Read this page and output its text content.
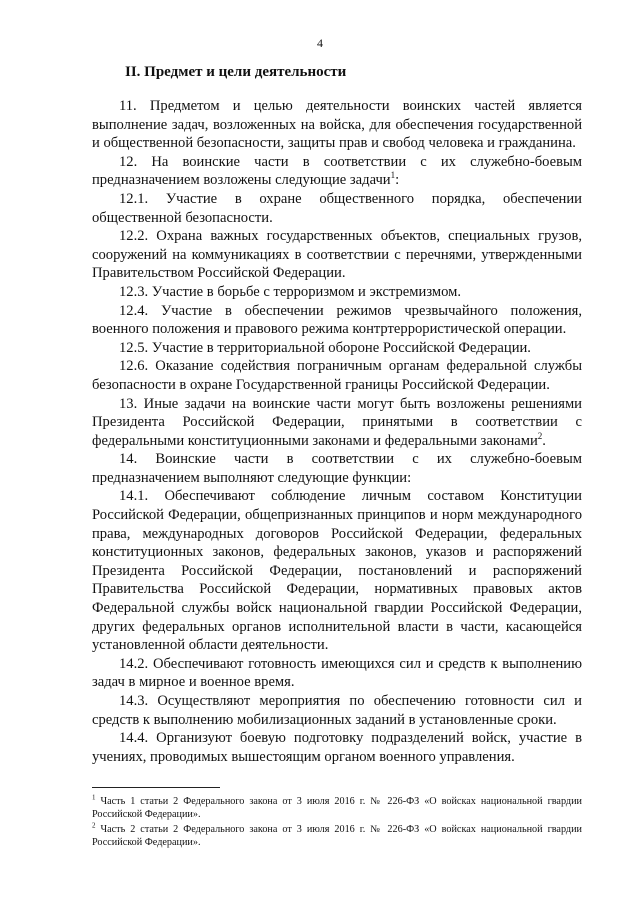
4
II. Предмет и цели деятельности

11. Предметом и целью деятельности воинских частей является выполнение задач, возложенных на войска, для обеспечения государственной и общественной безопасности, защиты прав и свобод человека и гражданина.

12. На воинские части в соответствии с их служебно-боевым предназначением возложены следующие задачи$^1$:

12.1. Участие в охране общественного порядка, обеспечении общественной безопасности.

12.2. Охрана важных государственных объектов, специальных грузов, сооружений на коммуникациях в соответствии с перечнями, утвержденными Правительством Российской Федерации.

12.3. Участие в борьбе с терроризмом и экстремизмом.

12.4. Участие в обеспечении режимов чрезвычайного положения, военного положения и правового режима контртеррористической операции.

12.5. Участие в территориальной обороне Российской Федерации.

12.6. Оказание содействия пограничным органам федеральной службы безопасности в охране Государственной границы Российской Федерации.

13. Иные задачи на воинские части могут быть возложены решениями Президента Российской Федерации, принятыми в соответствии с федеральными конституционными законами и федеральными законами$^2$.

14. Воинские части в соответствии с их служебно-боевым предназначением выполняют следующие функции:

14.1. Обеспечивают соблюдение личным составом Конституции Российской Федерации, общепризнанных принципов и норм международного права, международных договоров Российской Федерации, федеральных конституционных законов, федеральных законов, указов и распоряжений Президента Российской Федерации, постановлений и распоряжений Правительства Российской Федерации, нормативных правовых актов Федеральной службы войск национальной гвардии Российской Федерации, других федеральных органов исполнительной власти в части, касающейся установленной области деятельности.

14.2. Обеспечивают готовность имеющихся сил и средств к выполнению задач в мирное и военное время.

14.3. Осуществляют мероприятия по обеспечению готовности сил и средств к выполнению мобилизационных заданий в установленные сроки.

14.4. Организуют боевую подготовку подразделений войск, участие в учениях, проводимых вышестоящим органом военного управления.

$^1$ Часть 1 статьи 2 Федерального закона от 3 июля 2016 г. № 226-ФЗ «О войсках национальной гвардии Российской Федерации».

$^2$ Часть 2 статьи 2 Федерального закона от 3 июля 2016 г. № 226-ФЗ «О войсках национальной гвардии Российской Федерации».
